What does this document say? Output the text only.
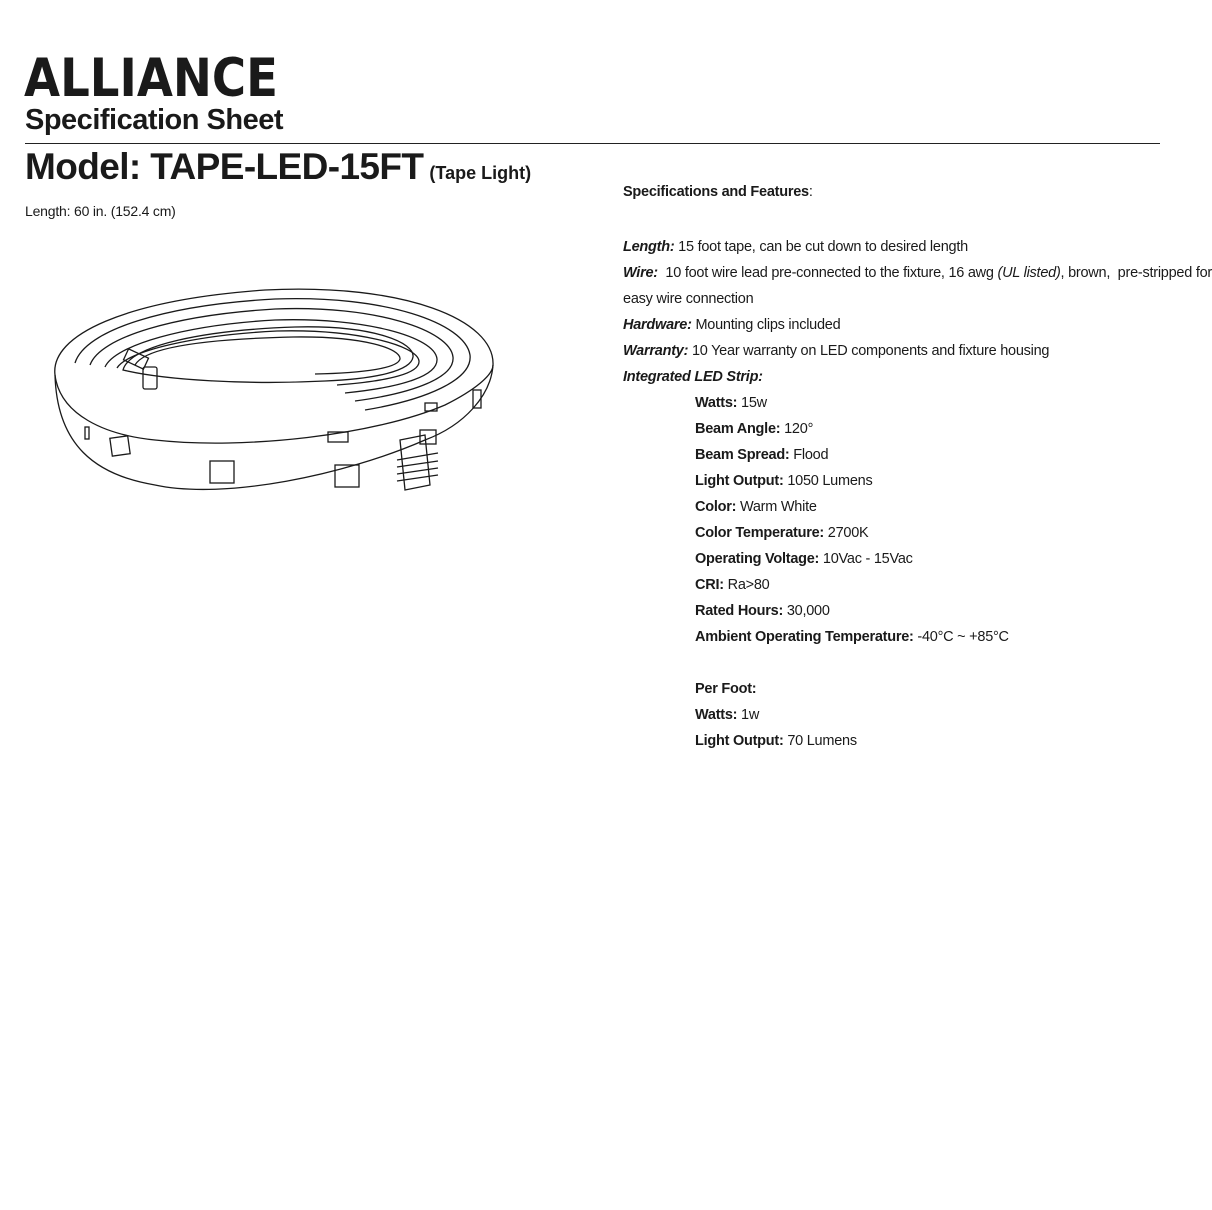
ALLIANCE
Specification Sheet
Model: TAPE-LED-15FT (Tape Light)
Length: 60 in. (152.4 cm)
Specifications and Features:
Length: 15 foot tape, can be cut down to desired length
Wire:  10 foot wire lead pre-connected to the fixture, 16 awg (UL listed), brown,  pre-stripped for
easy wire connection
Hardware: Mounting clips included
Warranty: 10 Year warranty on LED components and fixture housing
Integrated LED Strip:
Watts: 15w
Beam Angle: 120°
Beam Spread: Flood
Light Output: 1050 Lumens
Color: Warm White
Color Temperature: 2700K
Operating Voltage: 10Vac - 15Vac
CRI: Ra>80
Rated Hours: 30,000
Ambient Operating Temperature: -40°C ~ +85°C
Per Foot:
Watts: 1w
Light Output: 70 Lumens
